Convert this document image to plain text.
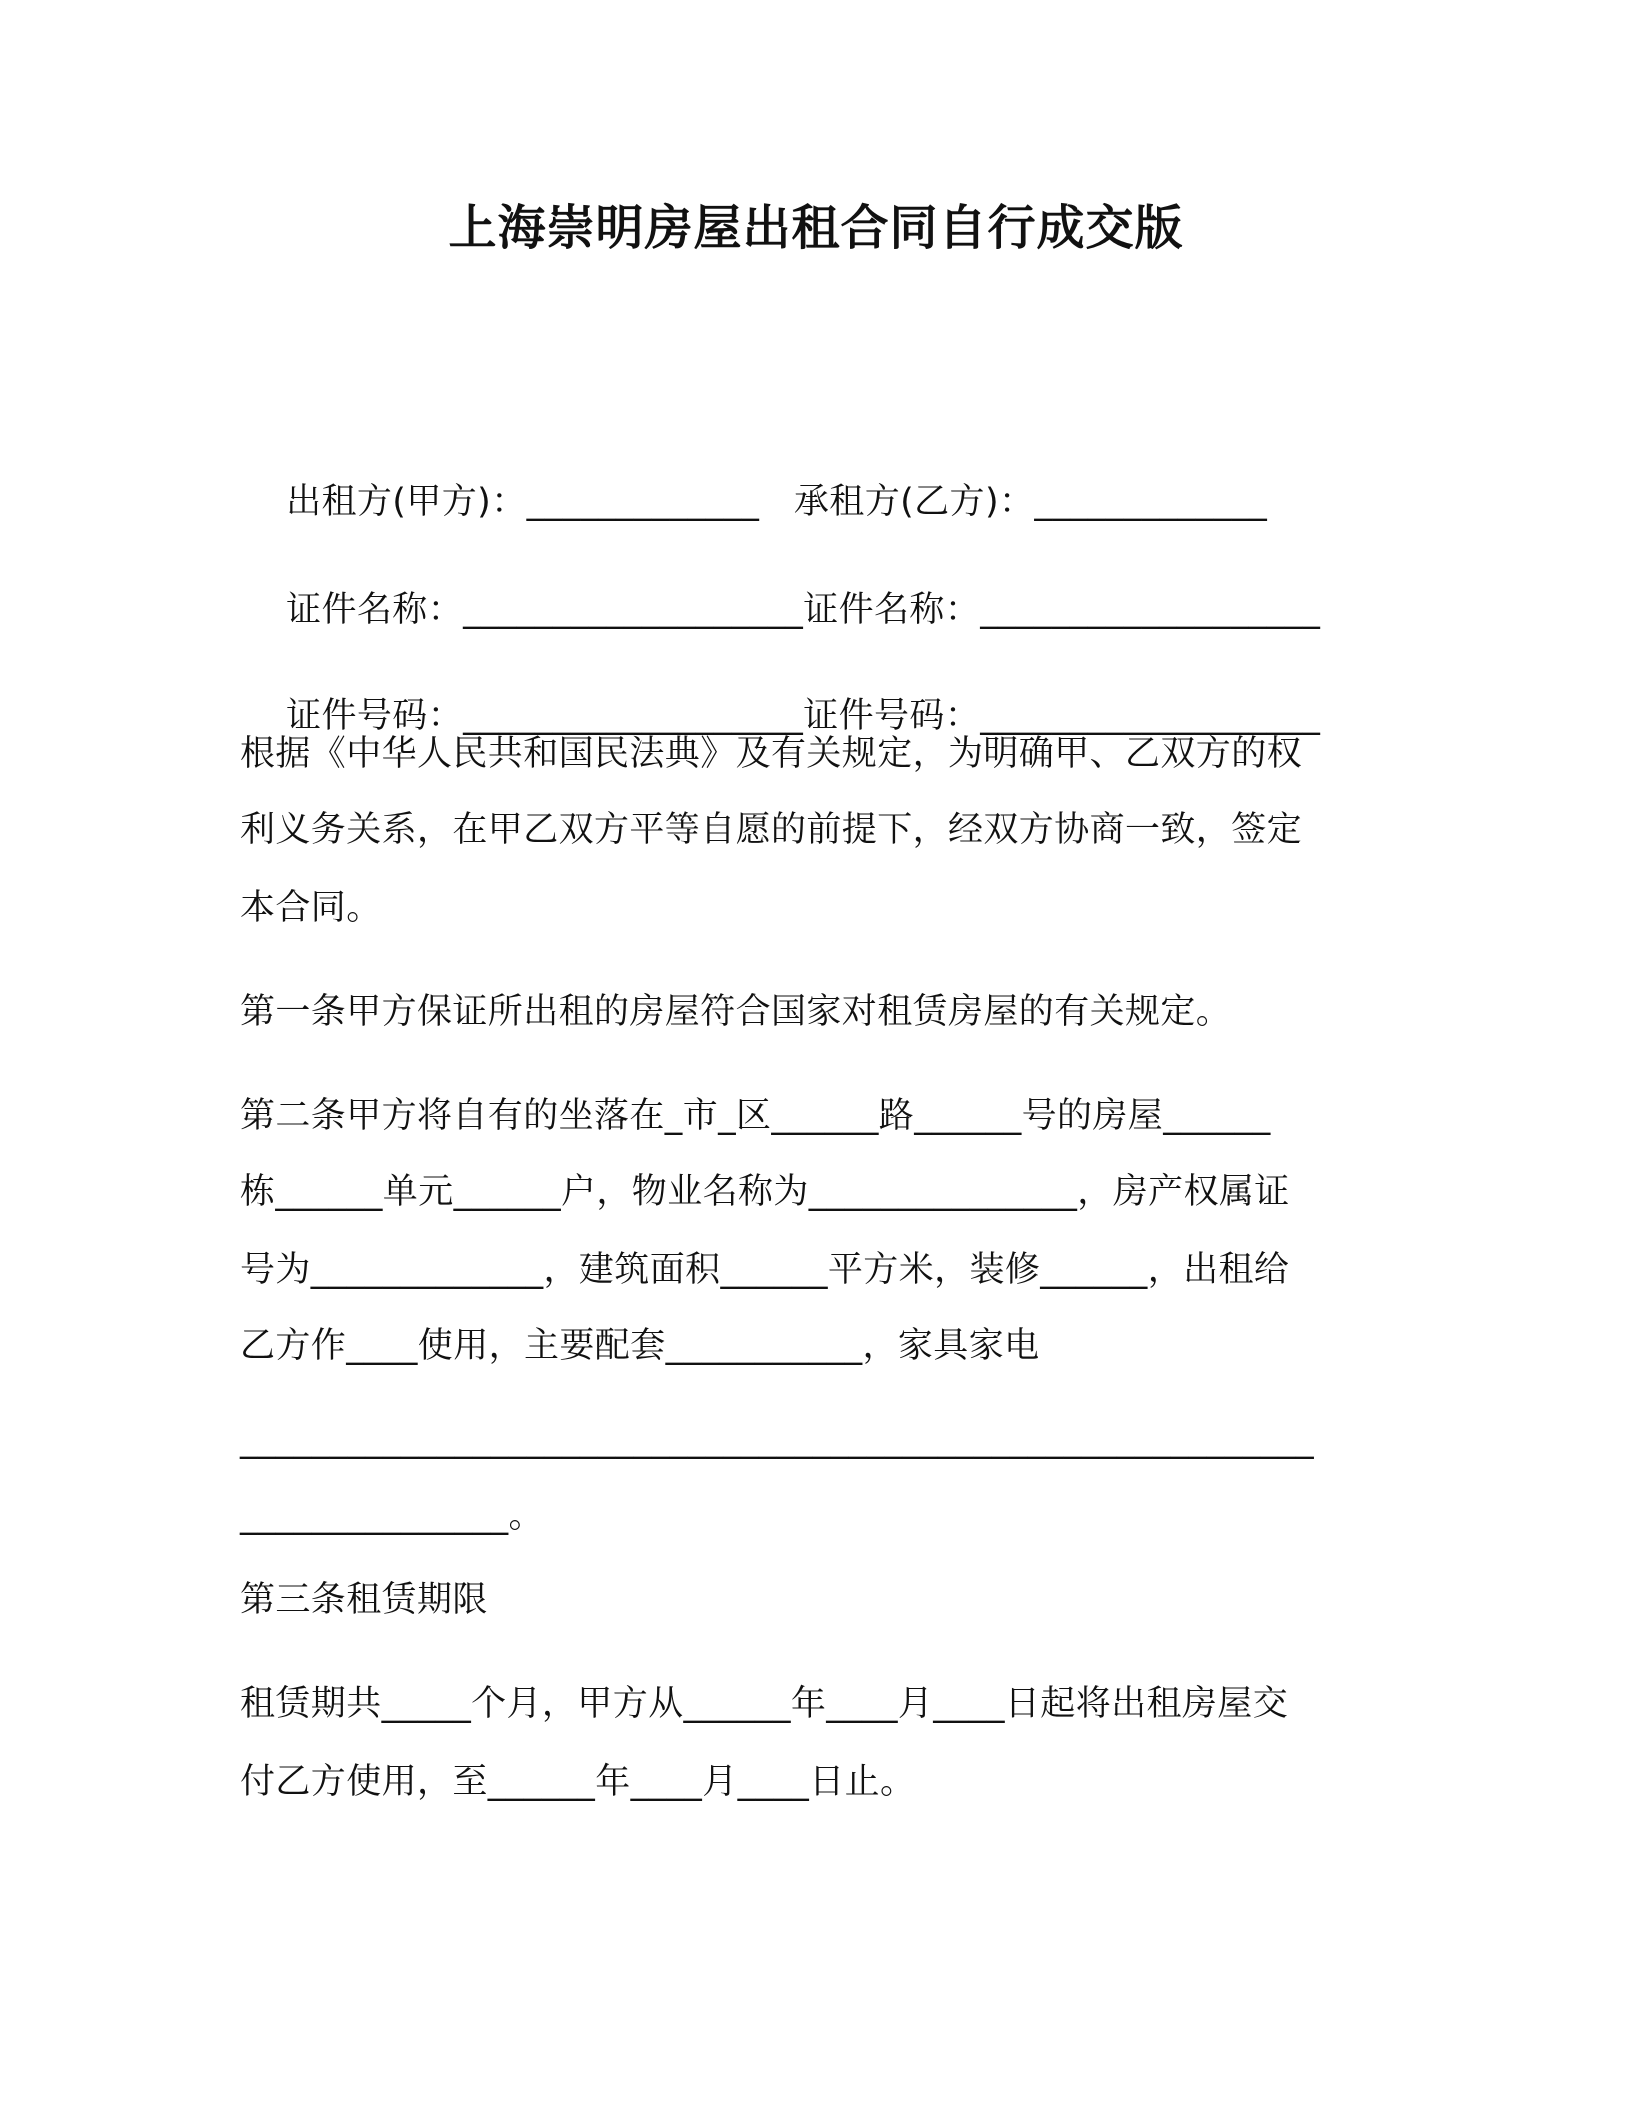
上海崇明房屋出租合同自行成交版

出租方(甲方)：_____________ 承租方(乙方)：_____________

证件名称：___________________证件名称：___________________

证件号码：___________________证件号码：___________________

根据《中华人民共和国民法典》及有关规定，为明确甲、乙双方的权
利义务关系，在甲乙双方平等自愿的前提下，经双方协商一致，签定
本合同。
第一条甲方保证所出租的房屋符合国家对租赁房屋的有关规定。
第二条甲方将自有的坐落在_市_区______路______号的房屋______
栋______单元______户，物业名称为_______________，房产权属证
号为_____________，建筑面积______平方米，装修______，出租给
乙方作____使用，主要配套___________，家具家电
____________________________________________________________
_______________。
第三条租赁期限
租赁期共_____个月，甲方从______年____月____日起将出租房屋交
付乙方使用，至______年____月____日止。
